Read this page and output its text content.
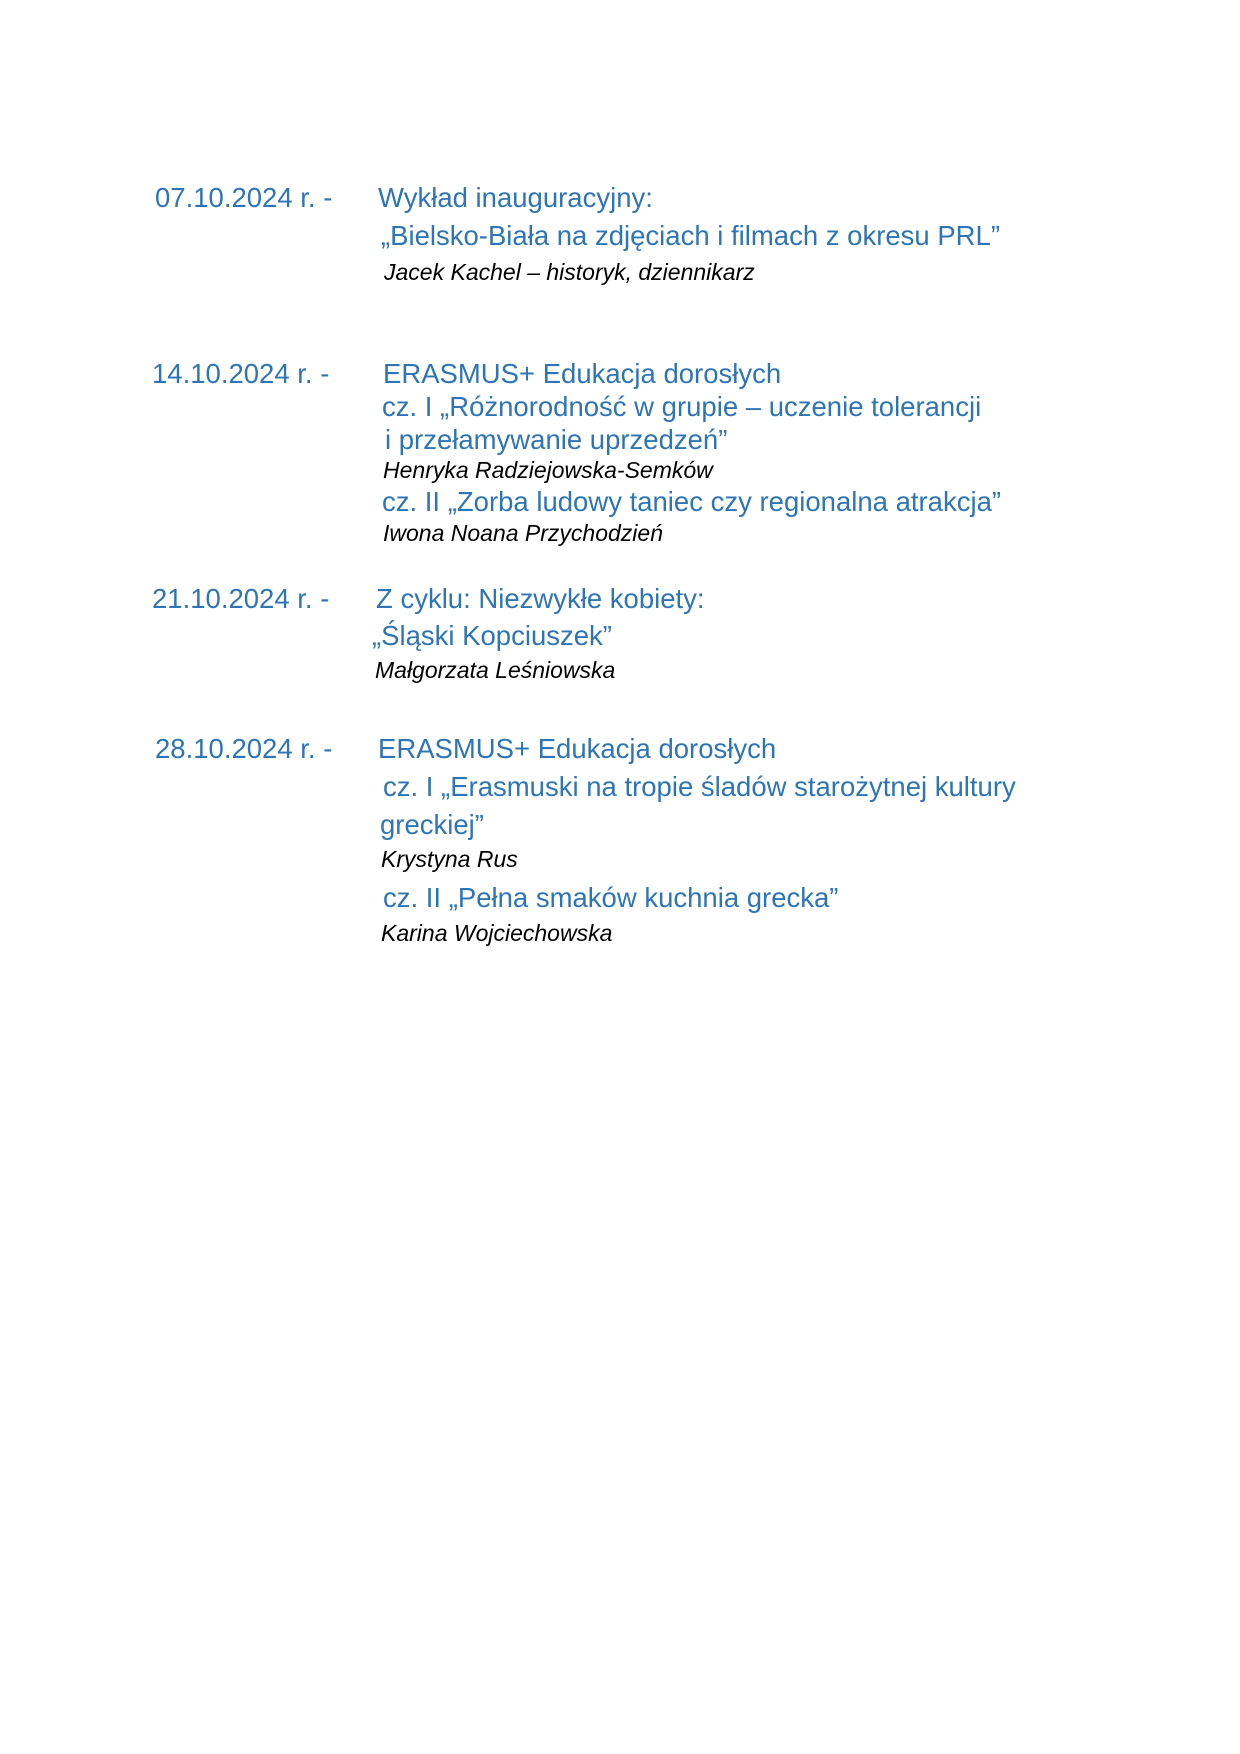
07.10.2024 r. - Wykład inauguracyjny:

„Bielsko-Biała na zdjęciach i filmach z okresu PRL”

Jacek Kachel – historyk, dziennikarz

14.10.2024 r. - ERASMUS+ Edukacja dorosłych

cz. I „Różnorodność w grupie – uczenie tolerancji

i przełamywanie uprzedzeń”

Henryka Radziejowska-Semków

cz. II „Zorba ludowy taniec czy regionalna atrakcja”

Iwona Noana Przychodzień

21.10.2024 r. - Z cyklu: Niezwykłe kobiety:

„Śląski Kopciuszek”

Małgorzata Leśniowska

28.10.2024 r. - ERASMUS+ Edukacja dorosłych

cz. I „Erasmuski na tropie śladów starożytnej kultury

greckiej”

Krystyna Rus

cz. II „Pełna smaków kuchnia grecka”

Karina Wojciechowska
